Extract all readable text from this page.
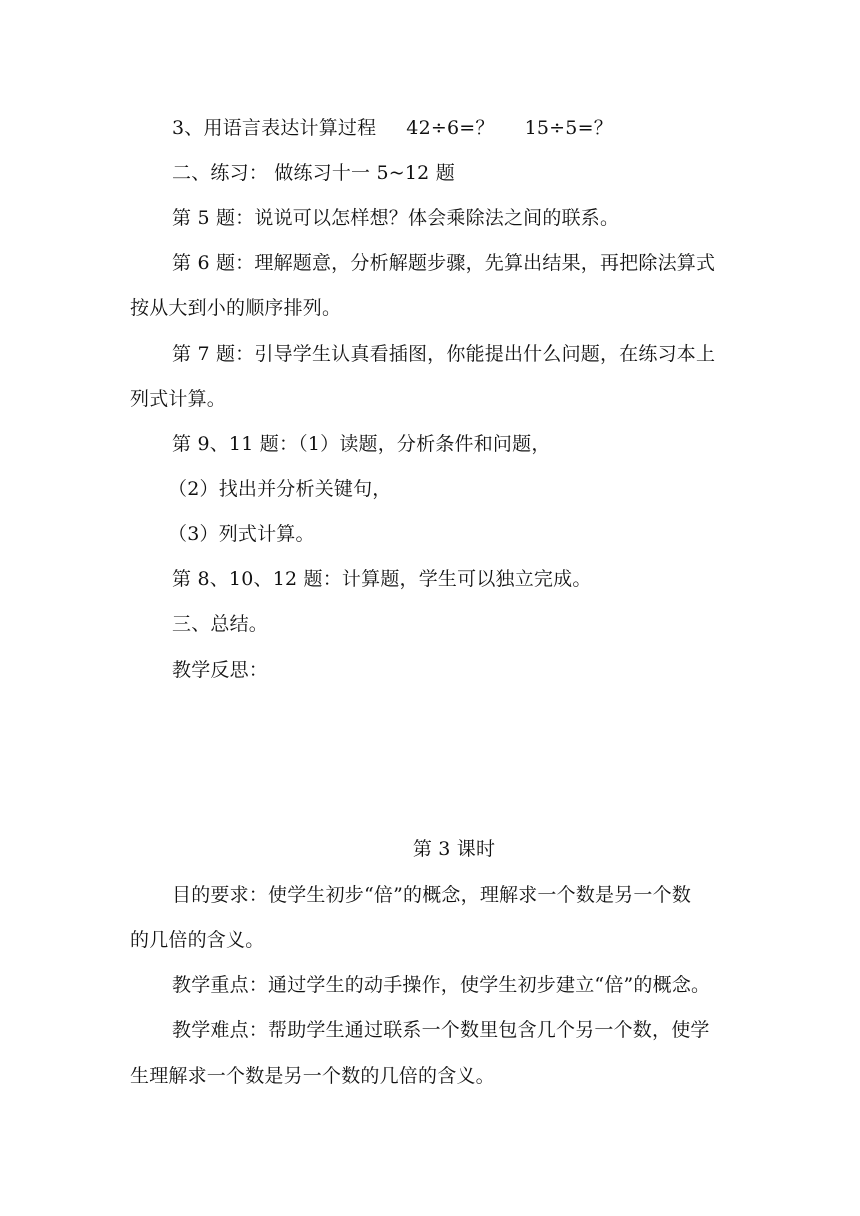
3、用语言表达计算过程 42÷6=？ 15÷5=？
二、练习： 做练习十一 5~12 题
第 5 题：说说可以怎样想？体会乘除法之间的联系。
第 6 题：理解题意，分析解题步骤，先算出结果，再把除法算式
按从大到小的顺序排列。
第 7 题：引导学生认真看插图，你能提出什么问题，在练习本上
列式计算。
第 9、11 题：（1）读题，分析条件和问题，
（2）找出并分析关键句，
（3）列式计算。
第 8、10、12 题：计算题，学生可以独立完成。
三、总结。
教学反思：
第 3 课时
目的要求：使学生初步“倍”的概念，理解求一个数是另一个数
的几倍的含义。
教学重点：通过学生的动手操作，使学生初步建立“倍”的概念。
教学难点：帮助学生通过联系一个数里包含几个另一个数，使学
生理解求一个数是另一个数的几倍的含义。
